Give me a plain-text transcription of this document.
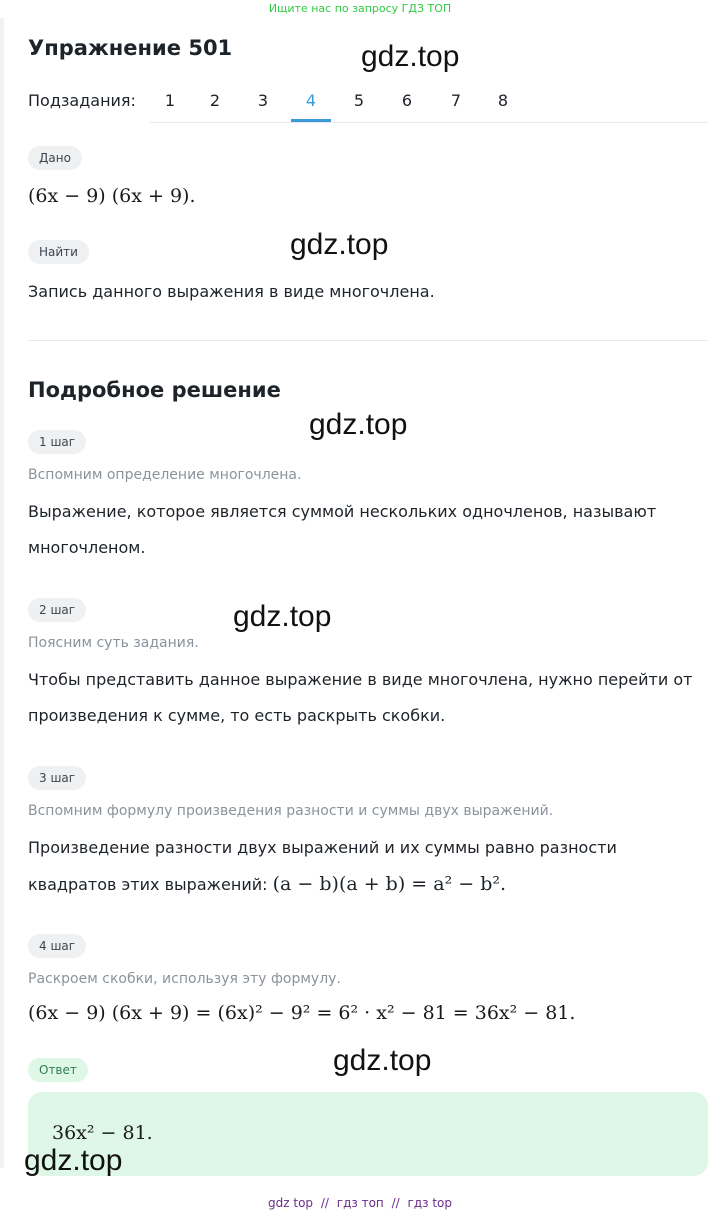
Ищите нас по запросу ГДЗ ТОП
Упражнение 501	gdz.top
Подзадания:	1	2	3	4	5	6	7	8
Дано
(6x − 9) (6x + 9).
Найти	gdz.top
Запись данного выражения в виде многочлена.
Подробное решение
gdz.top
1 шаг
Вспомним определение многочлена.
Выражение, которое является суммой нескольких одночленов, называют многочленом.
2 шаг	gdz.top
Поясним суть задания.
Чтобы представить данное выражение в виде многочлена, нужно перейти от произведения к сумме, то есть раскрыть скобки.
3 шаг
Вспомним формулу произведения разности и суммы двух выражений.
Произведение разности двух выражений и их суммы равно разности
квадратов этих выражений: (a − b)(a + b) = a² − b².
4 шаг
Раскроем скобки, используя эту формулу.
(6x − 9) (6x + 9) = (6x)² − 9² = 6² · x² − 81 = 36x² − 81.
Ответ	gdz.top
36x² − 81.
gdz.top
gdz top // гдз топ // гдз top
